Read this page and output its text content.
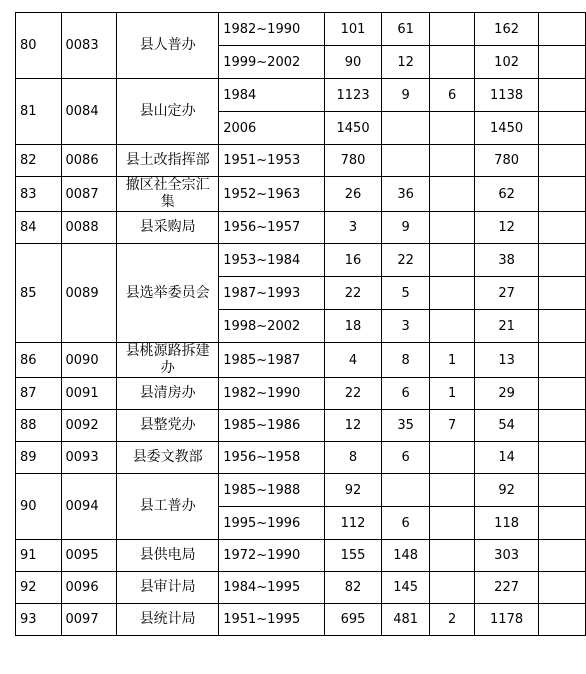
80	0083	县人普办	1982~1990	101	61		162	
			1999~2002	90	12		102	
81	0084	县山定办	1984	1123	9	6	1138	
			2006	1450			1450	
82	0086	县土改指挥部	1951~1953	780			780	
83	0087	撤区社全宗汇集	1952~1963	26	36		62	
84	0088	县采购局	1956~1957	3	9		12	
85	0089	县选举委员会	1953~1984	16	22		38	
			1987~1993	22	5		27	
			1998~2002	18	3		21	
86	0090	县桃源路拆建办	1985~1987	4	8	1	13	
87	0091	县清房办	1982~1990	22	6	1	29	
88	0092	县整党办	1985~1986	12	35	7	54	
89	0093	县委文教部	1956~1958	8	6		14	
90	0094	县工普办	1985~1988	92			92	
			1995~1996	112	6		118	
91	0095	县供电局	1972~1990	155	148		303	
92	0096	县审计局	1984~1995	82	145		227	
93	0097	县统计局	1951~1995	695	481	2	1178	
